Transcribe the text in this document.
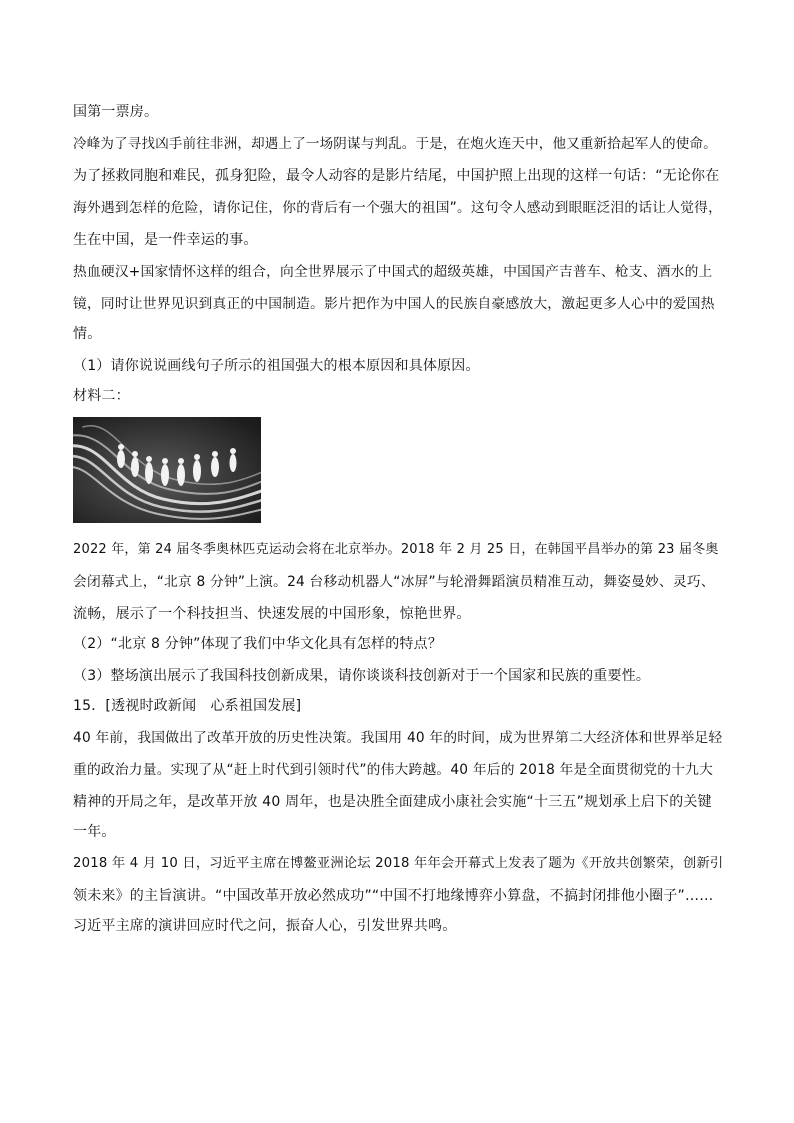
国第一票房。
冷峰为了寻找凶手前往非洲，却遇上了一场阴谋与判乱。于是，在炮火连天中，他又重新拾起军人的使命。
为了拯救同胞和难民，孤身犯险，最令人动容的是影片结尾，中国护照上出现的这样一句话：“无论你在
海外遇到怎样的危险，请你记住，你的背后有一个强大的祖国”。这句令人感动到眼眶泛泪的话让人觉得，
生在中国，是一件幸运的事。
热血硬汉+国家情怀这样的组合，向全世界展示了中国式的超级英雄，中国国产吉普车、枪支、酒水的上
镜，同时让世界见识到真正的中国制造。影片把作为中国人的民族自豪感放大，激起更多人心中的爱国热
情。
（1）请你说说画线句子所示的祖国强大的根本原因和具体原因。
材料二：
2022 年，第 24 届冬季奥林匹克运动会将在北京举办。2018 年 2 月 25 日，在韩国平昌举办的第 23 届冬奥
会闭幕式上，“北京 8 分钟”上演。24 台移动机器人“冰屏”与轮滑舞蹈演员精准互动，舞姿曼妙、灵巧、
流畅，展示了一个科技担当、快速发展的中国形象，惊艳世界。
（2）“北京 8 分钟”体现了我们中华文化具有怎样的特点？
（3）整场演出展示了我国科技创新成果，请你谈谈科技创新对于一个国家和民族的重要性。
15．[透视时政新闻　心系祖国发展]
40 年前，我国做出了改革开放的历史性决策。我国用 40 年的时间，成为世界第二大经济体和世界举足轻
重的政治力量。实现了从“赶上时代到引领时代”的伟大跨越。40 年后的 2018 年是全面贯彻党的十九大
精神的开局之年，是改革开放 40 周年，也是决胜全面建成小康社会实施“十三五”规划承上启下的关键
一年。
2018 年 4 月 10 日，习近平主席在博鳌亚洲论坛 2018 年年会开幕式上发表了题为《开放共创繁荣，创新引
领未来》的主旨演讲。“中国改革开放必然成功”“中国不打地缘博弈小算盘，不搞封闭排他小圈子”……
习近平主席的演讲回应时代之问，振奋人心，引发世界共鸣。
